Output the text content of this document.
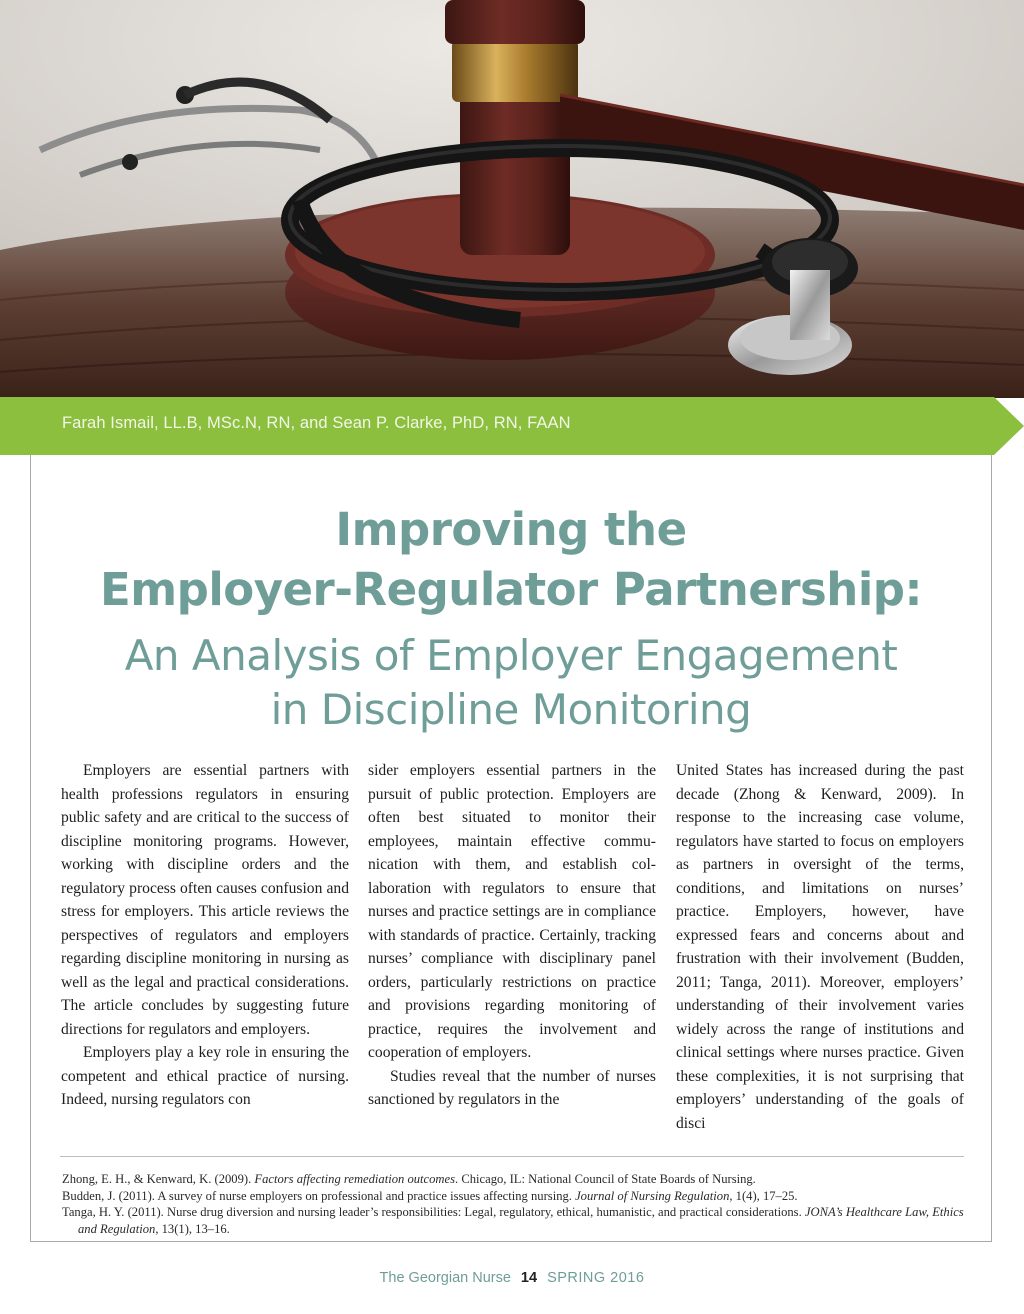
Farah Ismail, LL.B, MSc.N, RN, and Sean P. Clarke, PhD, RN, FAAN
Improving the
Employer-Regulator Partnership:
An Analysis of Employer Engagement
in Discipline Monitoring

Employers are essential partners with health professions regulators in ensuring public safety and are critical to the success of discipline monitoring programs. However, working with discipline orders and the regulatory process often causes confusion and stress for employers. This article reviews the perspectives of regulators and employers regarding discipline monitoring in nursing as well as the legal and practical considerations. The article concludes by suggesting future directions for regulators and employers.

Employers play a key role in ensuring the competent and ethical practice of nursing. Indeed, nursing regulators con

sider employers essential partners in the pursuit of public protection. Employers are often best situated to monitor their employees, maintain effective communication with them, and establish collaboration with regulators to ensure that nurses and practice settings are in compliance with standards of practice. Certainly, tracking nurses’ compliance with disciplinary panel orders, particularly restrictions on practice and provisions regarding monitoring of practice, requires the involvement and cooperation of employers.

Studies reveal that the number of nurses sanctioned by regulators in the

United States has increased during the past decade (Zhong & Kenward, 2009). In response to the increasing case volume, regulators have started to focus on employers as partners in oversight of the terms, conditions, and limitations on nurses’ practice. Employers, however, have expressed fears and concerns about and frustration with their involvement (Budden, 2011; Tanga, 2011). Moreover, employers’ understanding of their involvement varies widely across the range of institutions and clinical settings where nurses practice. Given these complexities, it is not surprising that employers’ understanding of the goals of disci

Zhong, E. H., & Kenward, K. (2009). Factors affecting remediation outcomes. Chicago, IL: National Council of State Boards of Nursing.

Budden, J. (2011). A survey of nurse employers on professional and practice issues affecting nursing. Journal of Nursing Regulation, 1(4), 17–25.

Tanga, H. Y. (2011). Nurse drug diversion and nursing leader’s responsibilities: Legal, regulatory, ethical, humanistic, and practical considerations. JONA’s Healthcare Law, Ethics and Regulation, 13(1), 13–16.

The Georgian Nurse 14 SPRING 2016
